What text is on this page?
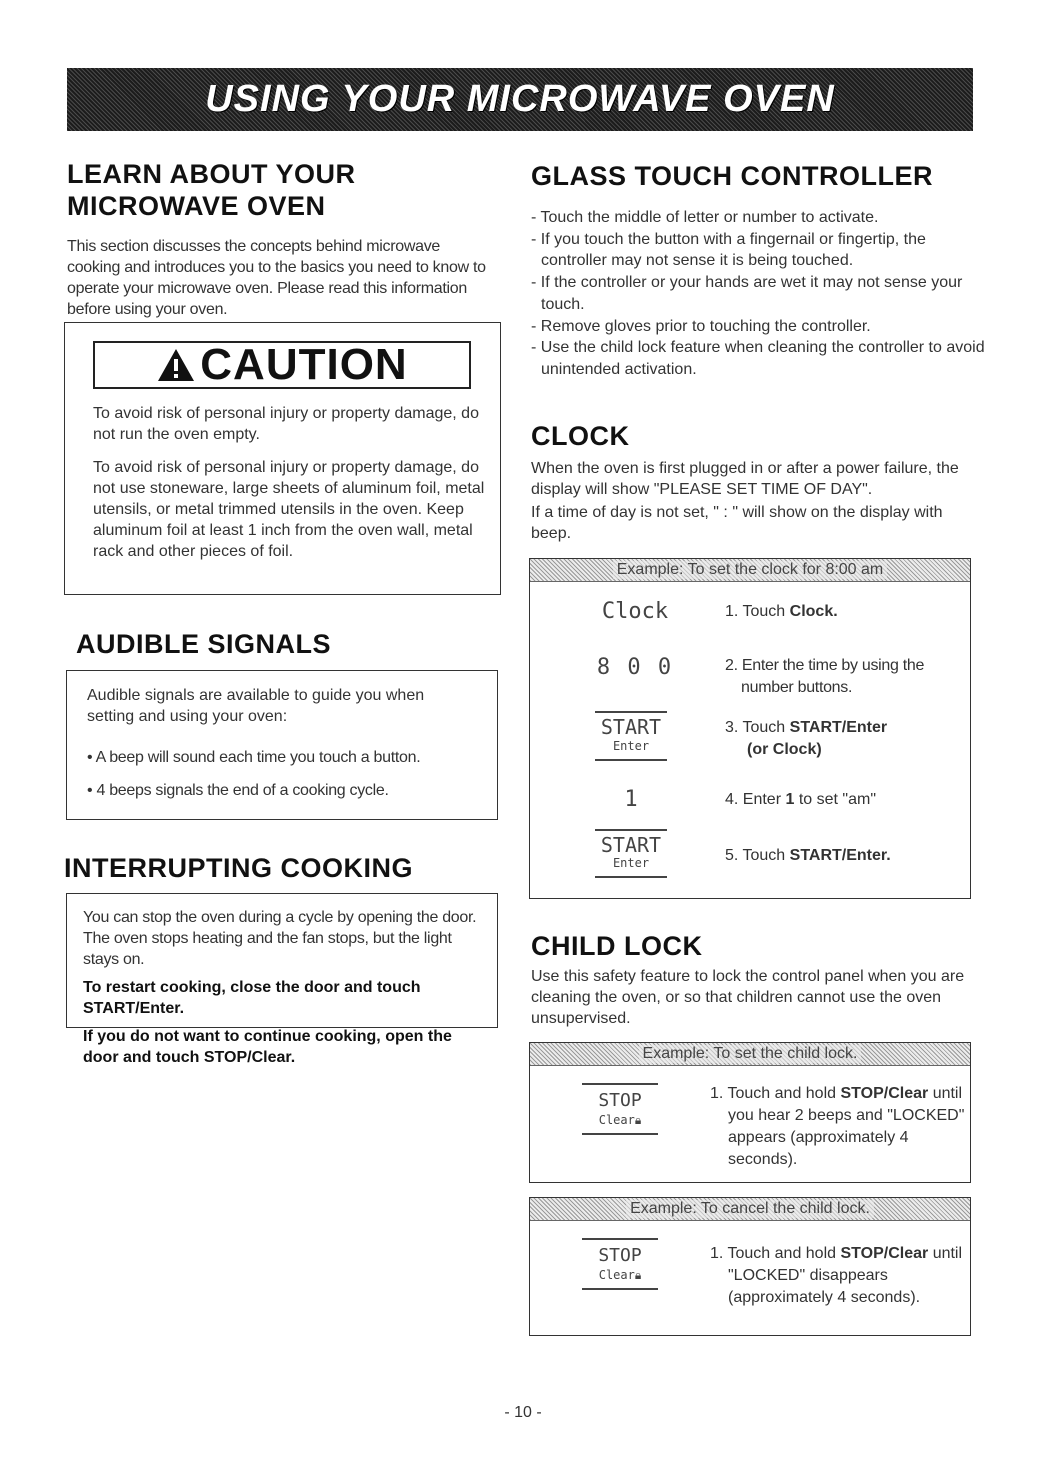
USING YOUR MICROWAVE OVEN
LEARN ABOUT YOUR
MICROWAVE OVEN

This section discusses the concepts behind microwave cooking and introduces you to the basics you need to know to operate your microwave oven. Please read this information before using your oven.

CAUTION

To avoid risk of personal injury or property damage, do not run the oven empty.

To avoid risk of personal injury or property damage, do not use stoneware, large sheets of aluminum foil, metal utensils, or metal trimmed utensils in the oven. Keep aluminum foil at least 1 inch from the oven wall, metal rack and other pieces of foil.

AUDIBLE SIGNALS

Audible signals are available to guide you when setting and using your oven:

• A beep will sound each time you touch a button.

• 4 beeps signals the end of a cooking cycle.

INTERRUPTING COOKING

You can stop the oven during a cycle by opening the door. The oven stops heating and the fan stops, but the light stays on.

To restart cooking, close the door and touch START/Enter.

If you do not want to continue cooking, open the door and touch STOP/Clear.

GLASS TOUCH CONTROLLER
- Touch the middle of letter or number to activate.
- If you touch the button with a fingernail or fingertip, the controller may not sense it is being touched.
- If the controller or your hands are wet it may not sense your touch.
- Remove gloves prior to touching the controller.
- Use the child lock feature when cleaning the controller to avoid unintended activation.
CLOCK

When the oven is first plugged in or after a power failure, the display will show "PLEASE SET TIME OF DAY".

If a time of day is not set, " : " will show on the display with beep.

Example: To set the clock for 8:00 am
Clock
8 0 0
START
Enter
1
START
Enter
1. Touch Clock.
2. Enter the time by using the number buttons.
3. Touch START/Enter
(or Clock)
4. Enter 1 to set "am"
5. Touch START/Enter.
CHILD LOCK

Use this safety feature to lock the control panel when you are cleaning the oven, or so that children cannot use the oven unsupervised.

Example: To set the child lock.
STOP
Clear🔒︎
1. Touch and hold STOP/Clear until you hear 2 beeps and "LOCKED" appears (approximately 4 seconds).
Example: To cancel the child lock.
STOP
Clear🔒︎
1. Touch and hold STOP/Clear until "LOCKED" disappears (approximately 4 seconds).
- 10 -
